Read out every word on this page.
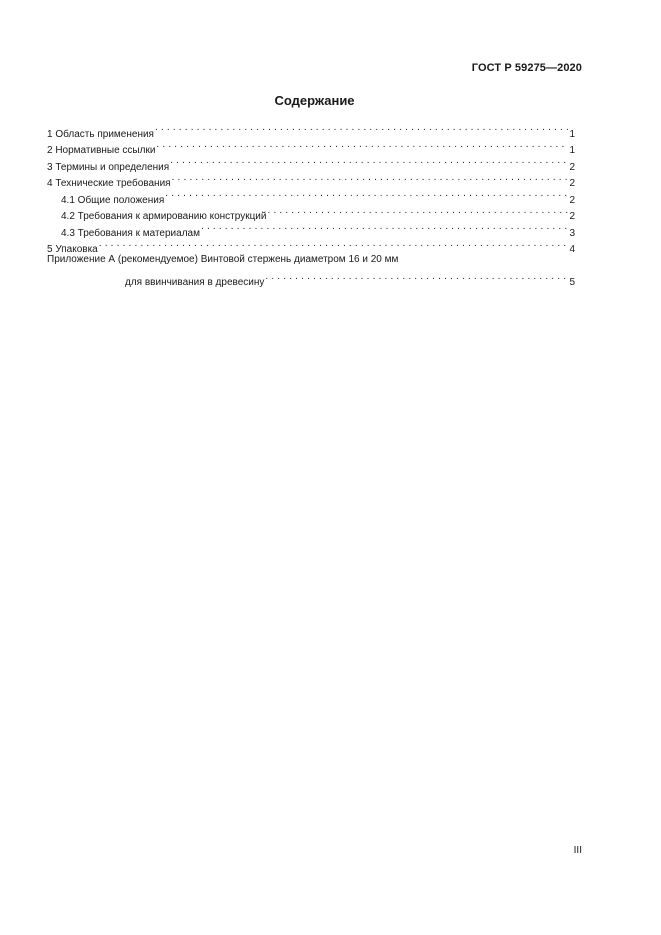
ГОСТ Р 59275—2020
Содержание
1 Область применения . . .	1
2 Нормативные ссылки . . .	1
3 Термины и определения . . .	2
4 Технические требования . . .	2
4.1 Общие положения . . .	2
4.2 Требования к армированию конструкций . . .	2
4.3 Требования к материалам . . .	3
5 Упаковка . . .	4
Приложение А (рекомендуемое) Винтовой стержень диаметром 16 и 20 мм
для ввинчивания в древесину . . .	5
III
